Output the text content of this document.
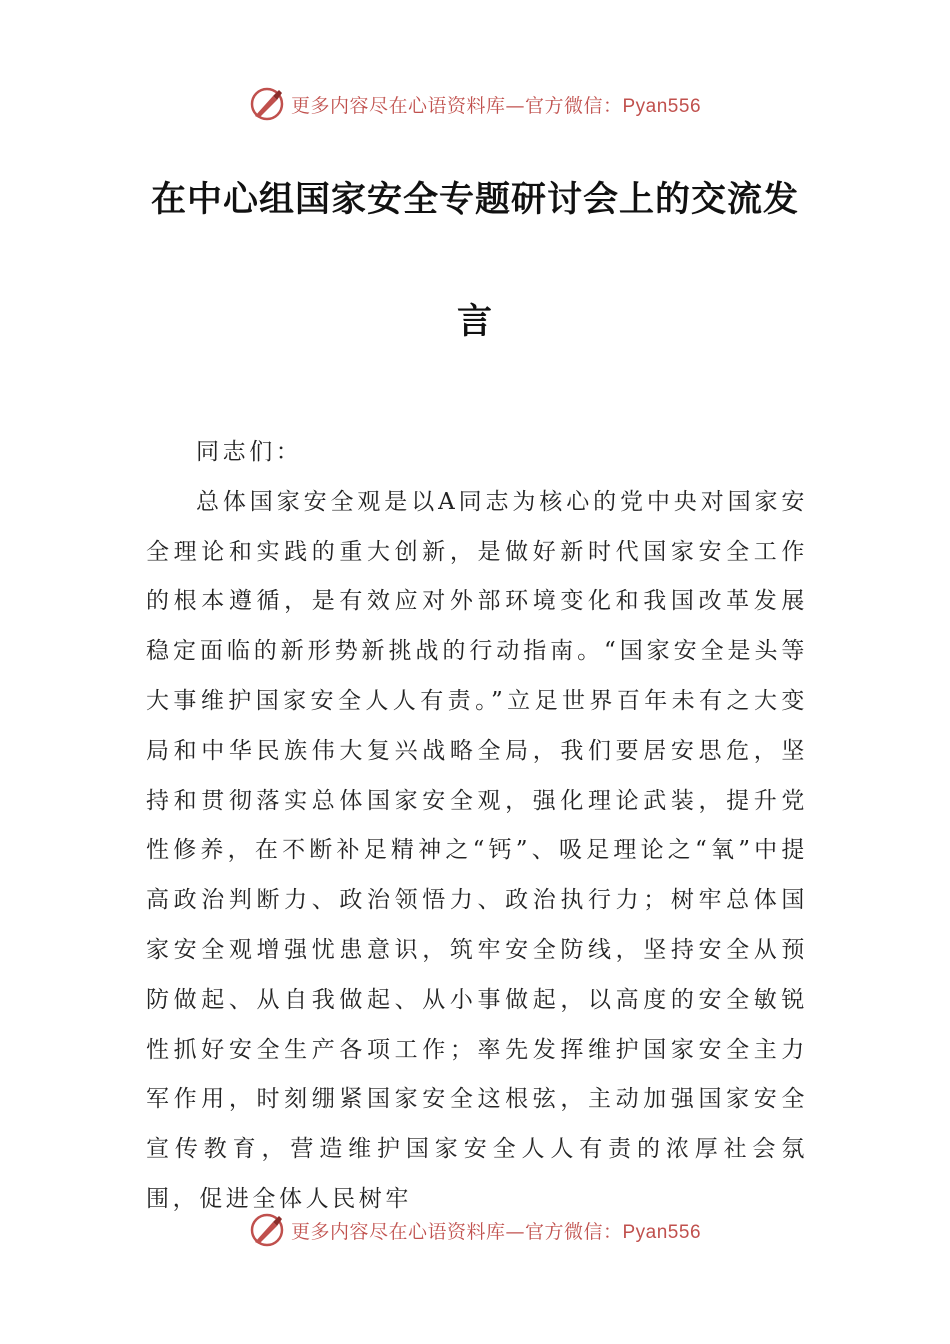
更多内容尽在心语资料库—官方微信：Pyan556
在中心组国家安全专题研讨会上的交流发
言

同志们：

总体国家安全观是以A同志为核心的党中央对国家安全理论和实践的重大创新，是做好新时代国家安全工作的根本遵循，是有效应对外部环境变化和我国改革发展稳定面临的新形势新挑战的行动指南。“国家安全是头等大事维护国家安全人人有责。”立足世界百年未有之大变局和中华民族伟大复兴战略全局，我们要居安思危，坚持和贯彻落实总体国家安全观，强化理论武装，提升党性修养，在不断补足精神之“钙”、吸足理论之“氧”中提高政治判断力、政治领悟力、政治执行力；树牢总体国家安全观增强忧患意识，筑牢安全防线，坚持安全从预防做起、从自我做起、从小事做起，以高度的安全敏锐性抓好安全生产各项工作；率先发挥维护国家安全主力军作用，时刻绷紧国家安全这根弦，主动加强国家安全宣传教育，营造维护国家安全人人有责的浓厚社会氛围，促进全体人民树牢

更多内容尽在心语资料库—官方微信：Pyan556
